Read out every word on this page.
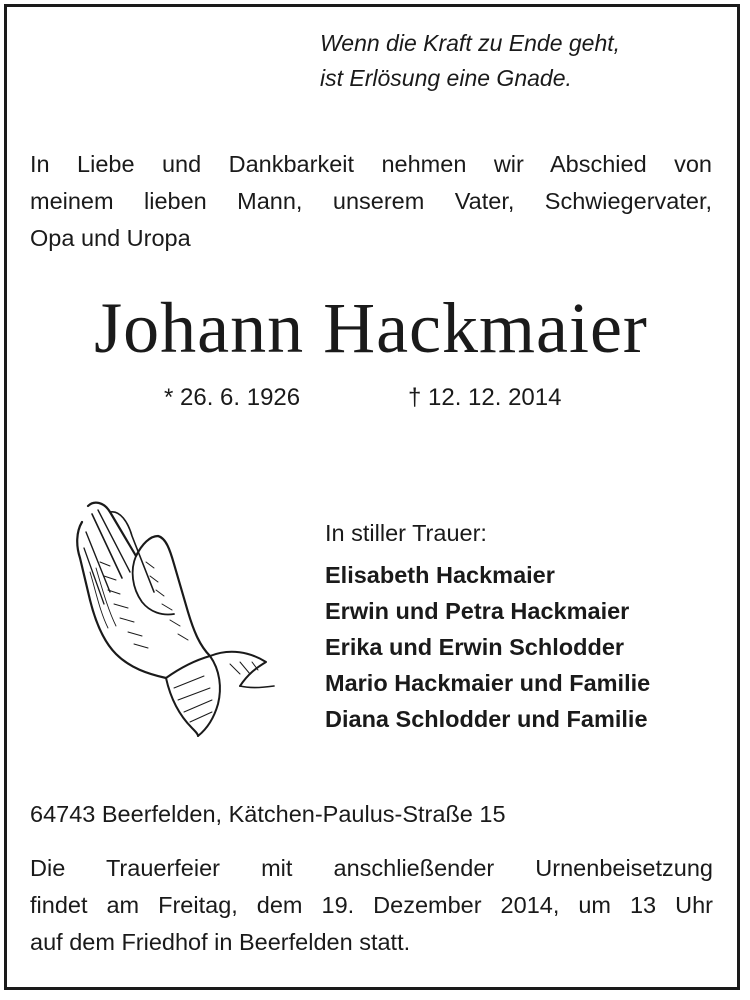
Wenn die Kraft zu Ende geht,
ist Erlösung eine Gnade.
In Liebe und Dankbarkeit nehmen wir Abschied von
meinem lieben Mann, unserem Vater, Schwiegervater,
Opa und Uropa
Johann Hackmaier
* 26. 6. 1926	† 12. 12. 2014
In stiller Trauer:
Elisabeth Hackmaier
Erwin und Petra Hackmaier
Erika und Erwin Schlodder
Mario Hackmaier und Familie
Diana Schlodder und Familie
64743 Beerfelden, Kätchen-Paulus-Straße 15
Die Trauerfeier mit anschließender Urnenbeisetzung
findet am Freitag, dem 19. Dezember 2014, um 13 Uhr
auf dem Friedhof in Beerfelden statt.
